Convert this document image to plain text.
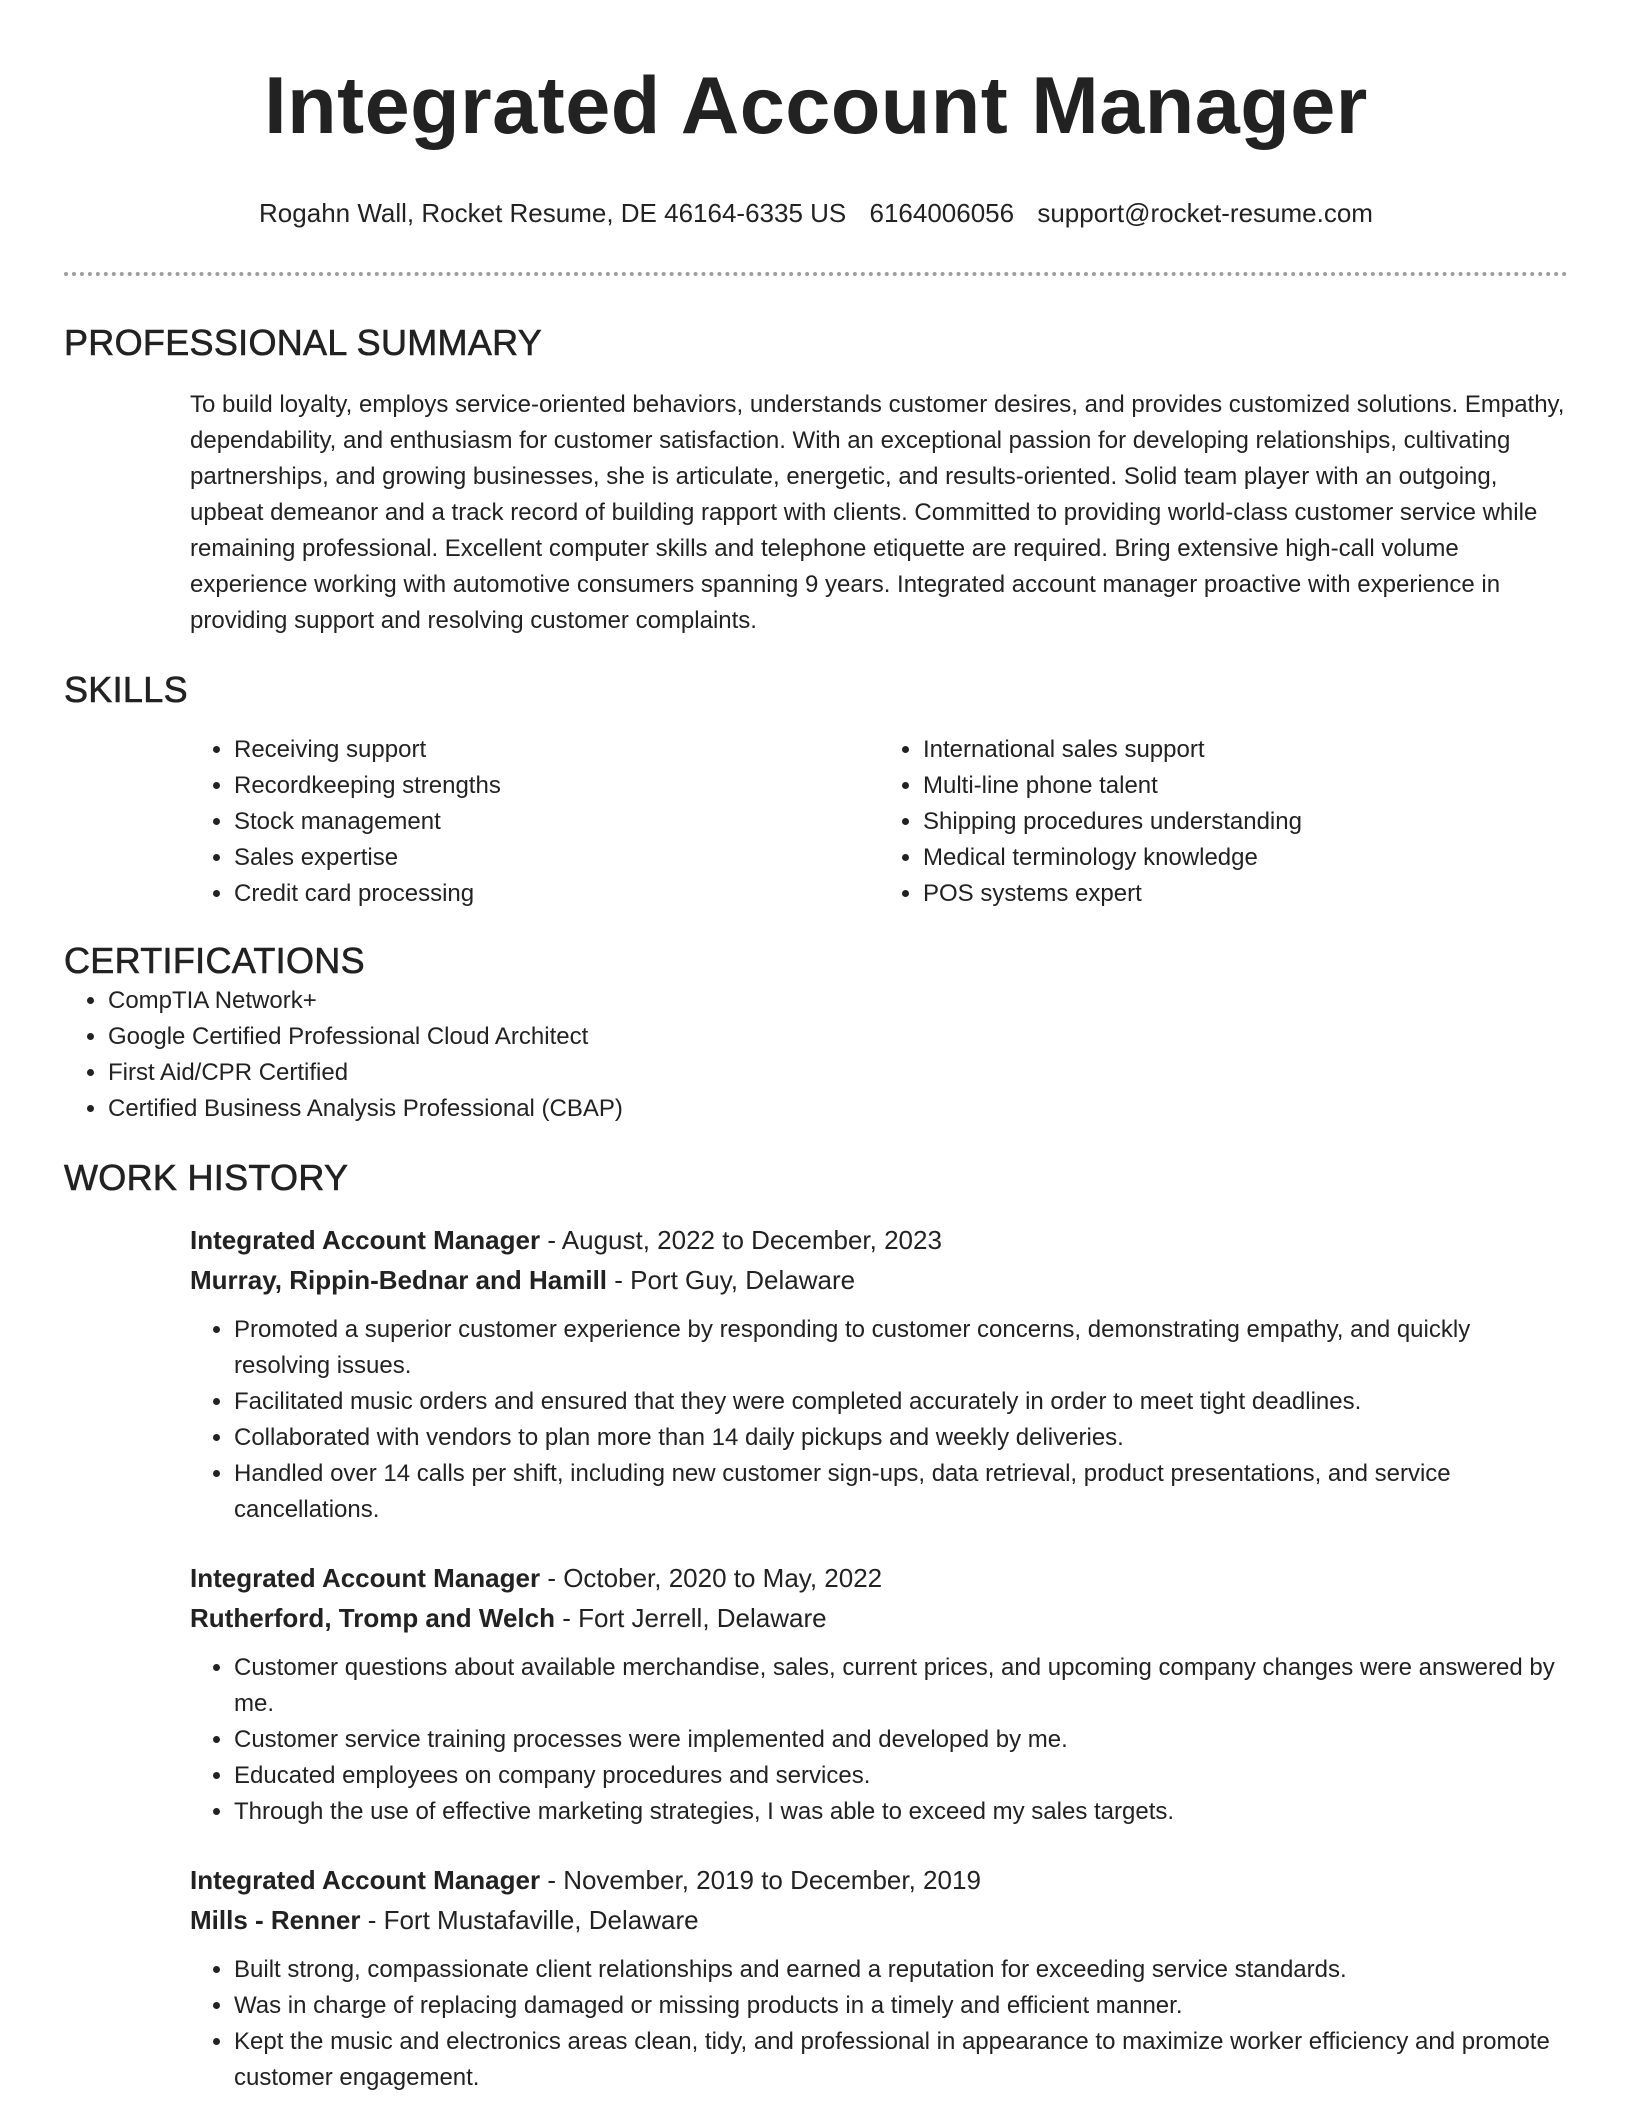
Integrated Account Manager
Rogahn Wall, Rocket Resume, DE 46164-6335 US 6164006056 support@rocket-resume.com
PROFESSIONAL SUMMARY

To build loyalty, employs service-oriented behaviors, understands customer desires, and provides customized solutions. Empathy, dependability, and enthusiasm for customer satisfaction. With an exceptional passion for developing relationships, cultivating partnerships, and growing businesses, she is articulate, energetic, and results-oriented. Solid team player with an outgoing, upbeat demeanor and a track record of building rapport with clients. Committed to providing world-class customer service while remaining professional. Excellent computer skills and telephone etiquette are required. Bring extensive high-call volume experience working with automotive consumers spanning 9 years. Integrated account manager proactive with experience in providing support and resolving customer complaints.

SKILLS
• Receiving support
• Recordkeeping strengths
• Stock management
• Sales expertise
• Credit card processing
• International sales support
• Multi-line phone talent
• Shipping procedures understanding
• Medical terminology knowledge
• POS systems expert
CERTIFICATIONS
• CompTIA Network+
• Google Certified Professional Cloud Architect
• First Aid/CPR Certified
• Certified Business Analysis Professional (CBAP)
WORK HISTORY
Integrated Account Manager - August, 2022 to December, 2023
Murray, Rippin-Bednar and Hamill - Port Guy, Delaware
• Promoted a superior customer experience by responding to customer concerns, demonstrating empathy, and quickly resolving issues.
• Facilitated music orders and ensured that they were completed accurately in order to meet tight deadlines.
• Collaborated with vendors to plan more than 14 daily pickups and weekly deliveries.
• Handled over 14 calls per shift, including new customer sign-ups, data retrieval, product presentations, and service cancellations.
Integrated Account Manager - October, 2020 to May, 2022
Rutherford, Tromp and Welch - Fort Jerrell, Delaware
• Customer questions about available merchandise, sales, current prices, and upcoming company changes were answered by me.
• Customer service training processes were implemented and developed by me.
• Educated employees on company procedures and services.
• Through the use of effective marketing strategies, I was able to exceed my sales targets.
Integrated Account Manager - November, 2019 to December, 2019
Mills - Renner - Fort Mustafaville, Delaware
• Built strong, compassionate client relationships and earned a reputation for exceeding service standards.
• Was in charge of replacing damaged or missing products in a timely and efficient manner.
• Kept the music and electronics areas clean, tidy, and professional in appearance to maximize worker efficiency and promote customer engagement.
